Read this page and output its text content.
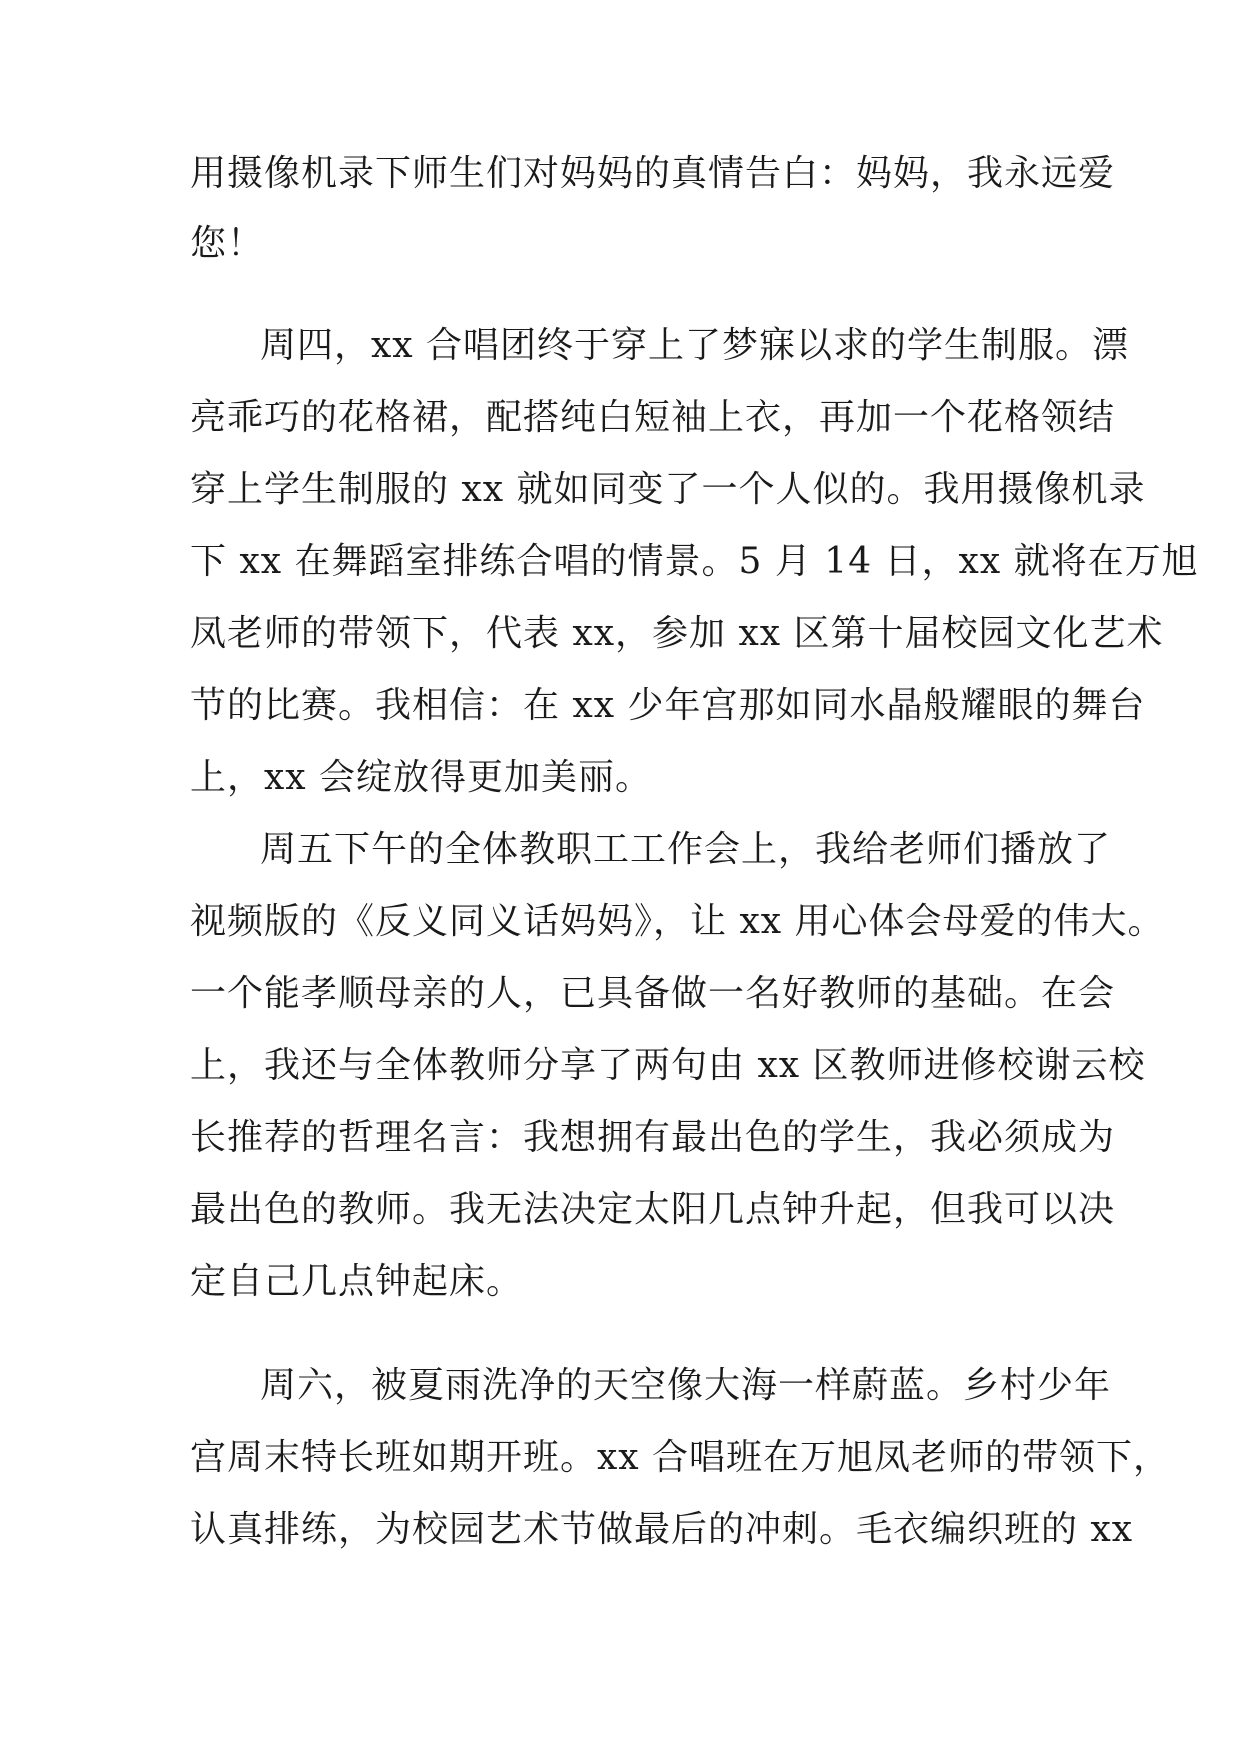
用摄像机录下师生们对妈妈的真情告白：妈妈，我永远爱
您！
周四，xx 合唱团终于穿上了梦寐以求的学生制服。漂
亮乖巧的花格裙，配搭纯白短袖上衣，再加一个花格领结
穿上学生制服的 xx 就如同变了一个人似的。我用摄像机录
下 xx 在舞蹈室排练合唱的情景。5 月 14 日，xx 就将在万旭
凤老师的带领下，代表 xx，参加 xx 区第十届校园文化艺术
节的比赛。我相信：在 xx 少年宫那如同水晶般耀眼的舞台
上，xx 会绽放得更加美丽。
周五下午的全体教职工工作会上，我给老师们播放了
视频版的《反义同义话妈妈》，让 xx 用心体会母爱的伟大。
一个能孝顺母亲的人，已具备做一名好教师的基础。在会
上，我还与全体教师分享了两句由 xx 区教师进修校谢云校
长推荐的哲理名言：我想拥有最出色的学生，我必须成为
最出色的教师。我无法决定太阳几点钟升起，但我可以决
定自己几点钟起床。
周六，被夏雨洗净的天空像大海一样蔚蓝。乡村少年
宫周末特长班如期开班。xx 合唱班在万旭凤老师的带领下，
认真排练，为校园艺术节做最后的冲刺。毛衣编织班的 xx
